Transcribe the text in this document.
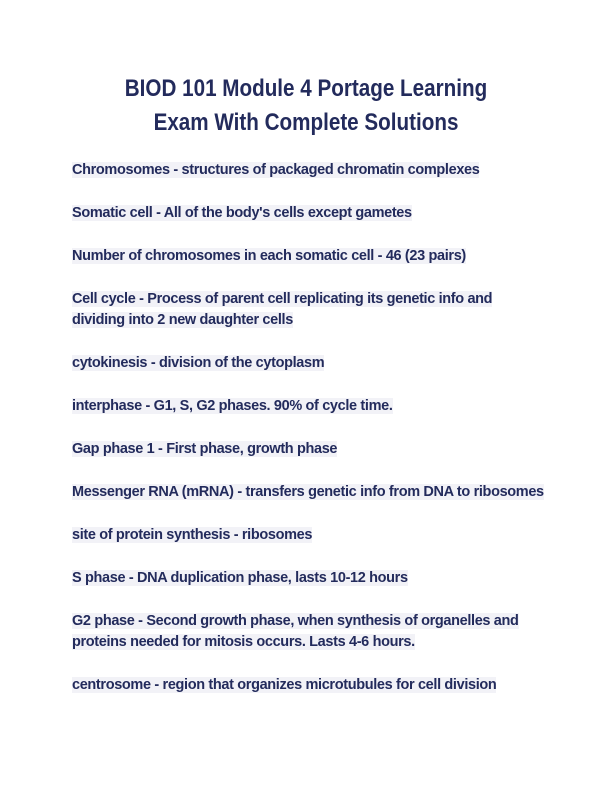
BIOD 101 Module 4 Portage Learning Exam With Complete Solutions

Chromosomes - structures of packaged chromatin complexes

Somatic cell - All of the body's cells except gametes

Number of chromosomes in each somatic cell - 46 (23 pairs)

Cell cycle - Process of parent cell replicating its genetic info and dividing into 2 new daughter cells

cytokinesis - division of the cytoplasm

interphase - G1, S, G2 phases. 90% of cycle time.

Gap phase 1 - First phase, growth phase

Messenger RNA (mRNA) - transfers genetic info from DNA to ribosomes

site of protein synthesis - ribosomes

S phase - DNA duplication phase, lasts 10-12 hours

G2 phase - Second growth phase, when synthesis of organelles and proteins needed for mitosis occurs. Lasts 4-6 hours.

centrosome - region that organizes microtubules for cell division
